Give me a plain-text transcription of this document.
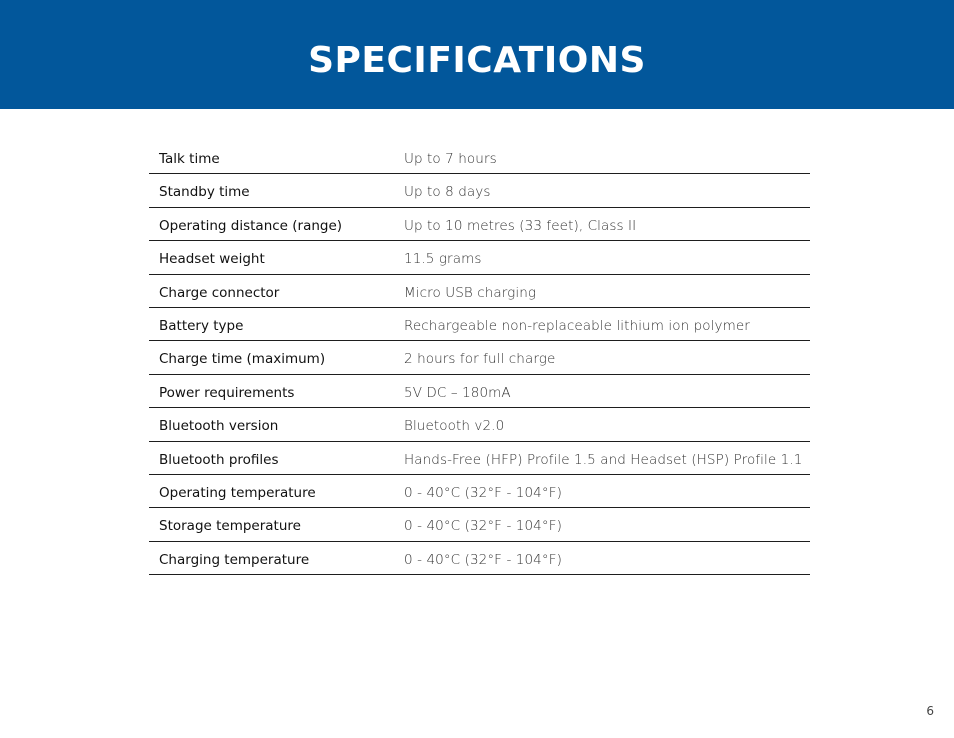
SPECIFICATIONS
Talk time	Up to 7 hours
Standby time	Up to 8 days
Operating distance (range)	Up to 10 metres (33 feet), Class II
Headset weight	11.5 grams
Charge connector	Micro USB charging
Battery type	Rechargeable non-replaceable lithium ion polymer
Charge time (maximum)	2 hours for full charge
Power requirements	5V DC – 180mA
Bluetooth version	Bluetooth v2.0
Bluetooth profiles	Hands-Free (HFP) Profile 1.5 and Headset (HSP) Profile 1.1
Operating temperature	0 - 40°C (32°F - 104°F)
Storage temperature	0 - 40°C (32°F - 104°F)
Charging temperature	0 - 40°C (32°F - 104°F)
6
